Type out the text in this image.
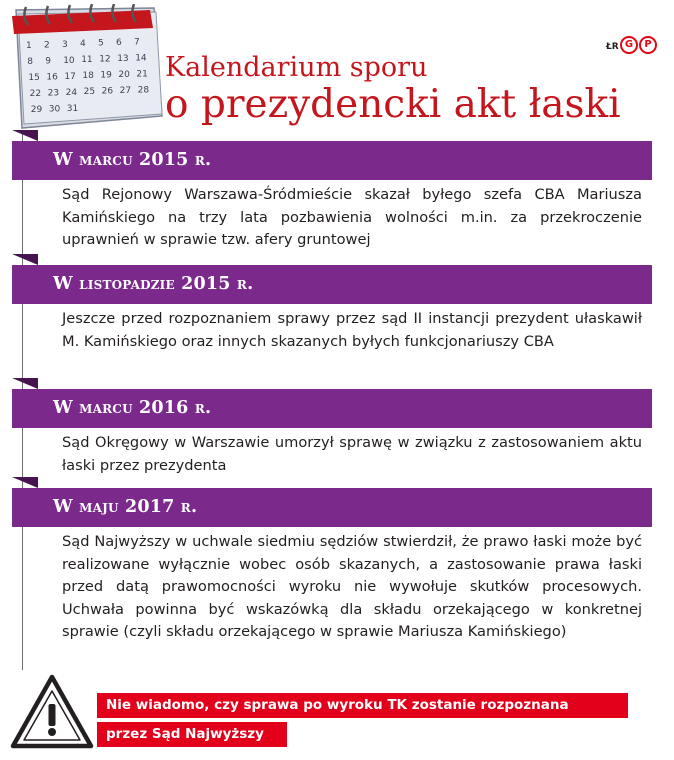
1 2 3 4 5 6 7
8 9 10 11 12 13 14
15 16 17 18 19 20 21
22 23 24 25 26 27 28
29 30 31
Kalendarium sporu
o prezydencki akt łaski
ŁR G	P
W marcu 2015 r.

Sąd Rejonowy Warszawa-Śródmieście skazał byłego szefa CBA Mariusza Kamińskiego na trzy lata pozbawienia wolności m.in. za przekroczenie uprawnień w sprawie tzw. afery gruntowej

W listopadzie 2015 r.

Jeszcze przed rozpoznaniem sprawy przez sąd II instancji prezydent ułaskawił M. Kamińskiego oraz innych skazanych byłych funkcjonariuszy CBA

W marcu 2016 r.

Sąd Okręgowy w Warszawie umorzył sprawę w związku z zastosowaniem aktu łaski przez prezydenta

W maju 2017 r.

Sąd Najwyższy w uchwale siedmiu sędziów stwierdził, że prawo łaski może być realizowane wyłącznie wobec osób skazanych, a zastosowanie prawa łaski przed datą prawomocności wyroku nie wywołuje skutków procesowych. Uchwała powinna być wskazówką dla składu orzekającego w konkretnej sprawie (czyli składu orzekającego w sprawie Mariusza Kamińskiego)

Nie wiadomo, czy sprawa po wyroku TK zostanie rozpoznana
przez Sąd Najwyższy
